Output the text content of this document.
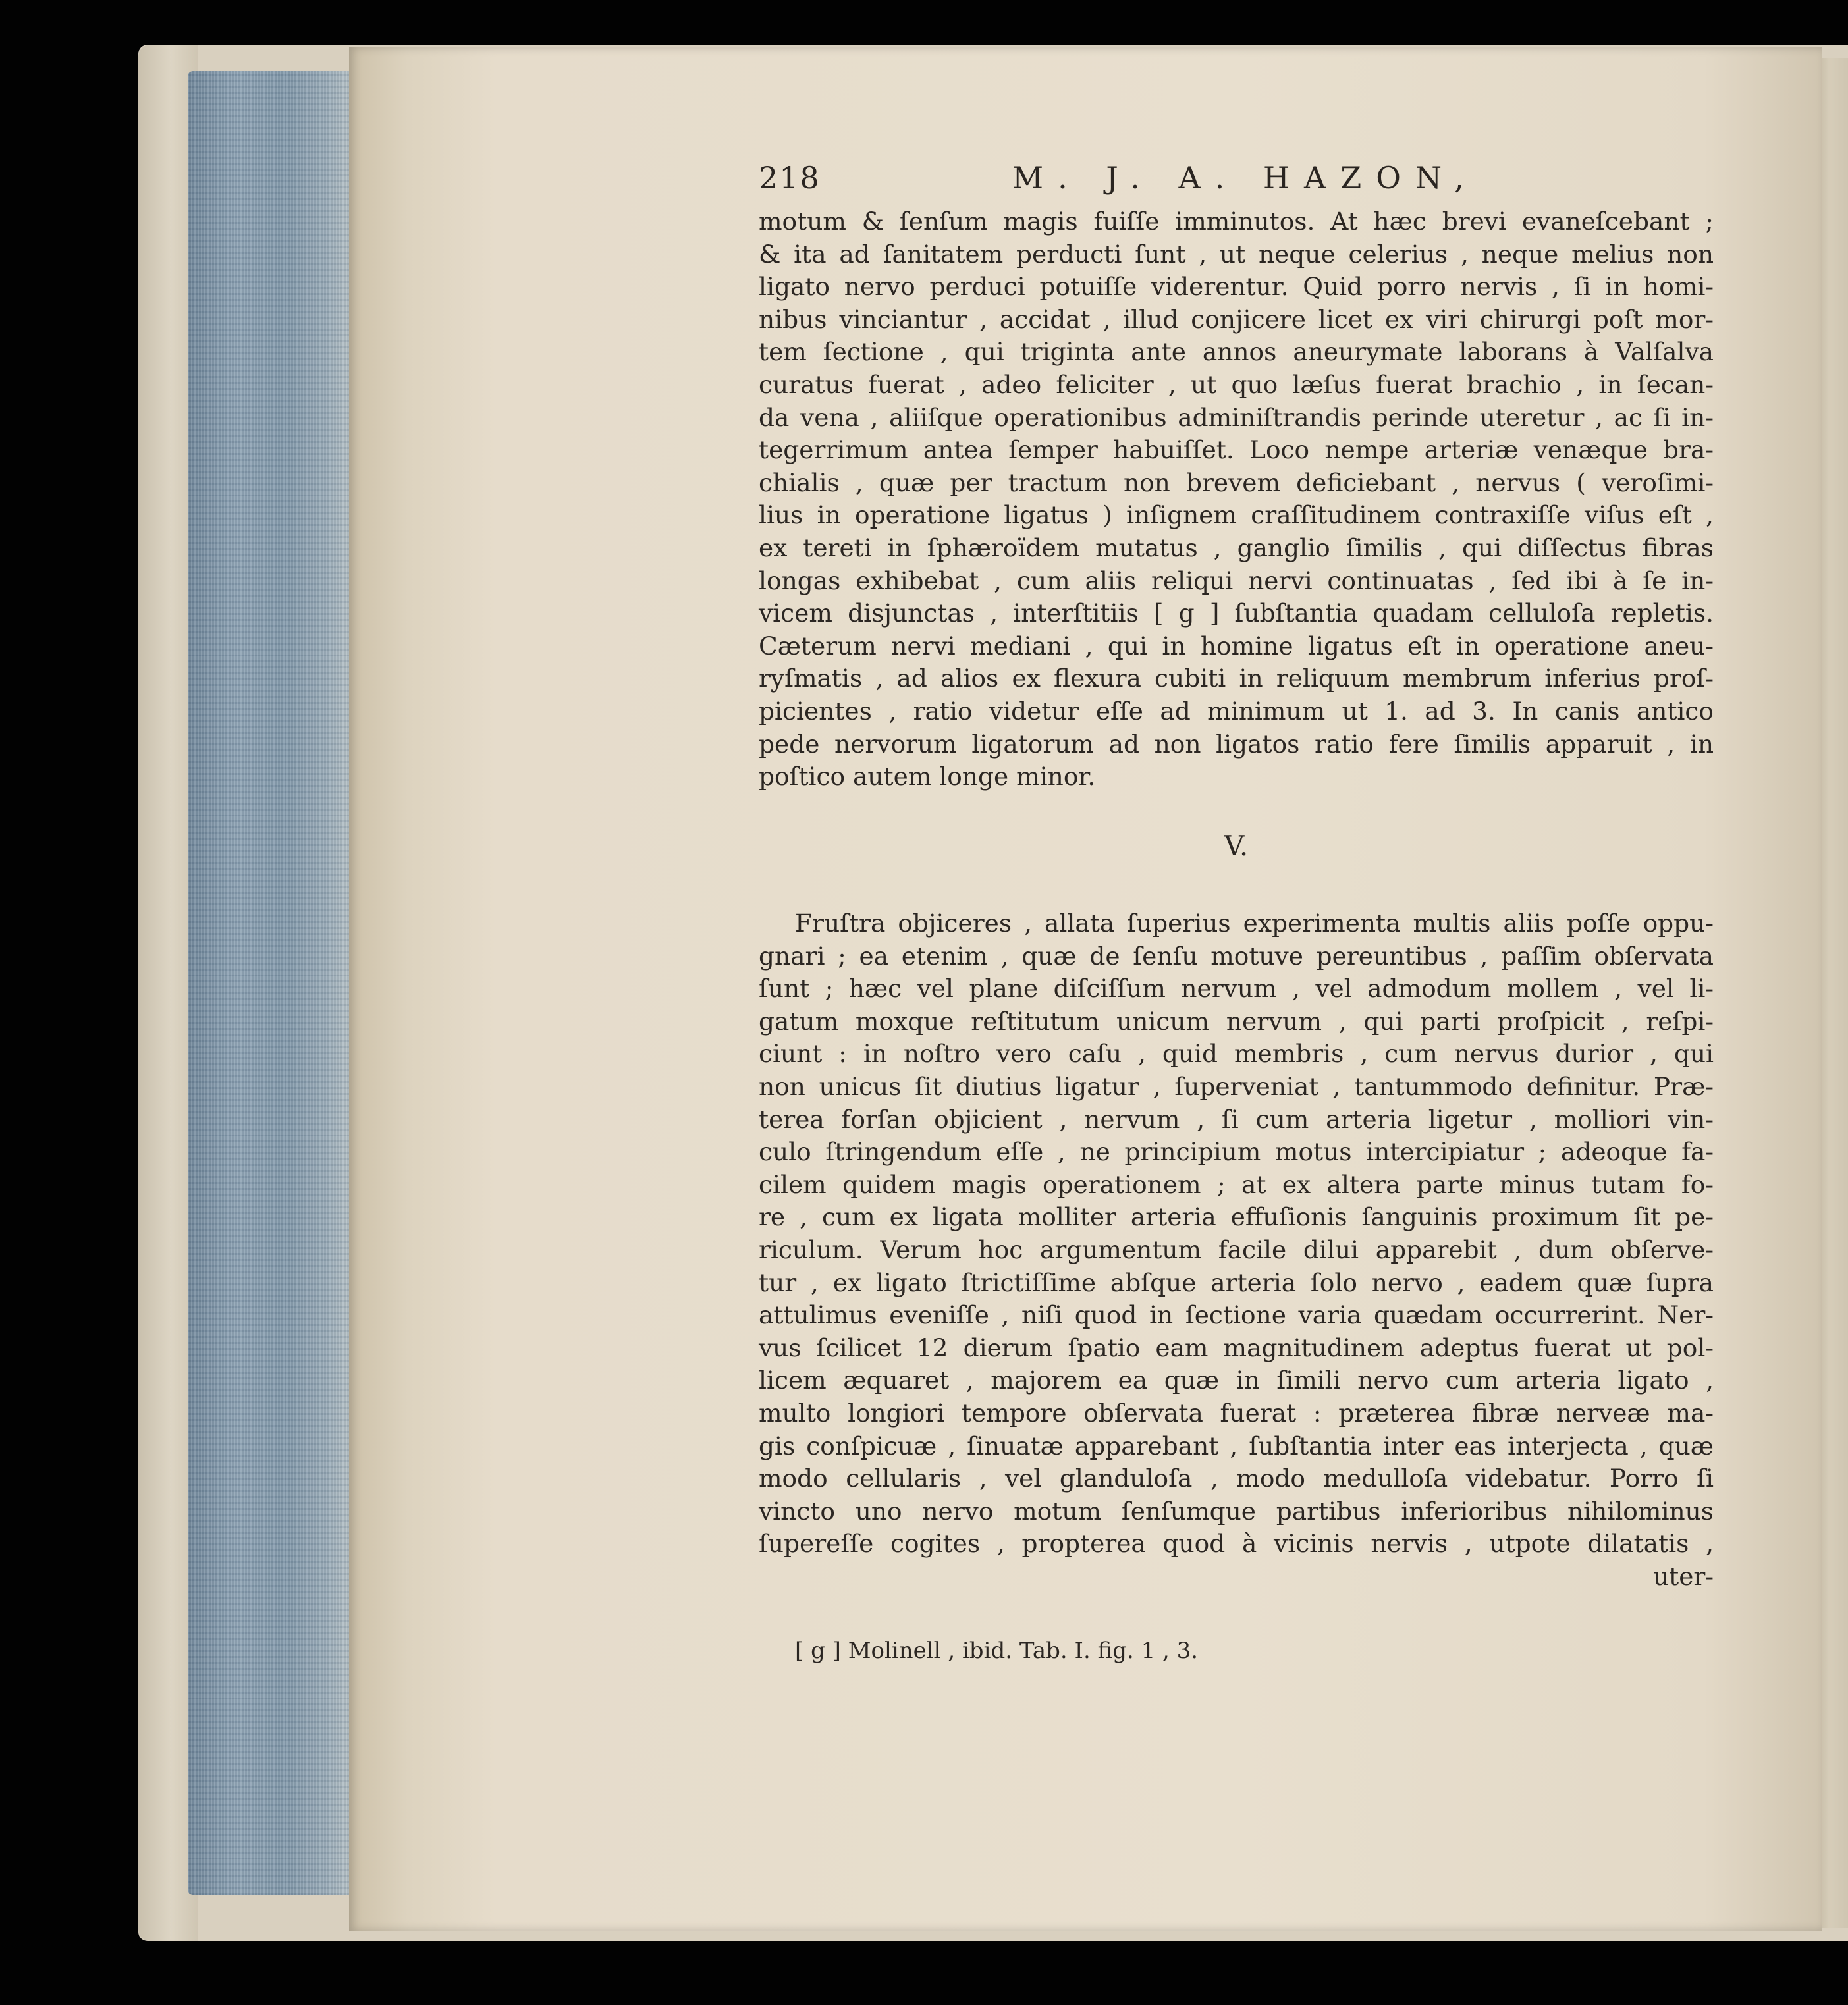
218	M. J. A. HAZON,
motum & ſenſum magis fuiſſe imminutos. At hæc brevi evaneſcebant ;
& ita ad ſanitatem perducti ſunt , ut neque celerius , neque melius non
ligato nervo perduci potuiſſe viderentur. Quid porro nervis , ſi in homi-
nibus vinciantur , accidat , illud conjicere licet ex viri chirurgi poſt mor-
tem ſectione , qui triginta ante annos aneurymate laborans à Valſalva
curatus fuerat , adeo feliciter , ut quo læſus fuerat brachio , in ſecan-
da vena , aliiſque operationibus adminiſtrandis perinde uteretur , ac ſi in-
tegerrimum antea ſemper habuiſſet. Loco nempe arteriæ venæque bra-
chialis , quæ per tractum non brevem deficiebant , nervus ( veroſimi-
lius in operatione ligatus ) inſignem craſſitudinem contraxiſſe viſus eſt ,
ex tereti in ſphæroïdem mutatus , ganglio ſimilis , qui diſſectus fibras
longas exhibebat , cum aliis reliqui nervi continuatas , ſed ibi à ſe in-
vicem disjunctas , interſtitiis [ g ] ſubſtantia quadam celluloſa repletis.
Cæterum nervi mediani , qui in homine ligatus eſt in operatione aneu-
ryſmatis , ad alios ex flexura cubiti in reliquum membrum inferius proſ-
picientes , ratio videtur eſſe ad minimum ut 1. ad 3. In canis antico
pede nervorum ligatorum ad non ligatos ratio fere ſimilis apparuit , in
poſtico autem longe minor.
V.
Fruſtra objiceres , allata ſuperius experimenta multis aliis poſſe oppu-
gnari ; ea etenim , quæ de ſenſu motuve pereuntibus , paſſim obſervata
ſunt ; hæc vel plane diſciſſum nervum , vel admodum mollem , vel li-
gatum moxque reſtitutum unicum nervum , qui parti proſpicit , reſpi-
ciunt : in noſtro vero caſu , quid membris , cum nervus durior , qui
non unicus ſit diutius ligatur , ſuperveniat , tantummodo definitur. Præ-
terea forſan objicient , nervum , ſi cum arteria ligetur , molliori vin-
culo ſtringendum eſſe , ne principium motus intercipiatur ; adeoque fa-
cilem quidem magis operationem ; at ex altera parte minus tutam fo-
re , cum ex ligata molliter arteria effuſionis ſanguinis proximum ſit pe-
riculum. Verum hoc argumentum facile dilui apparebit , dum obſerve-
tur , ex ligato ſtrictiſſime abſque arteria ſolo nervo , eadem quæ ſupra
attulimus eveniſſe , niſi quod in ſectione varia quædam occurrerint. Ner-
vus ſcilicet 12 dierum ſpatio eam magnitudinem adeptus fuerat ut pol-
licem æquaret , majorem ea quæ in ſimili nervo cum arteria ligato ,
multo longiori tempore obſervata fuerat : præterea fibræ nerveæ ma-
gis conſpicuæ , ſinuatæ apparebant , ſubſtantia inter eas interjecta , quæ
modo cellularis , vel glanduloſa , modo medulloſa videbatur. Porro ſi
vincto uno nervo motum ſenſumque partibus inferioribus nihilominus
ſupereſſe cogites , propterea quod à vicinis nervis , utpote dilatatis ,
uter-
[ g ] Molinell , ibid. Tab. I. fig. 1 , 3.
